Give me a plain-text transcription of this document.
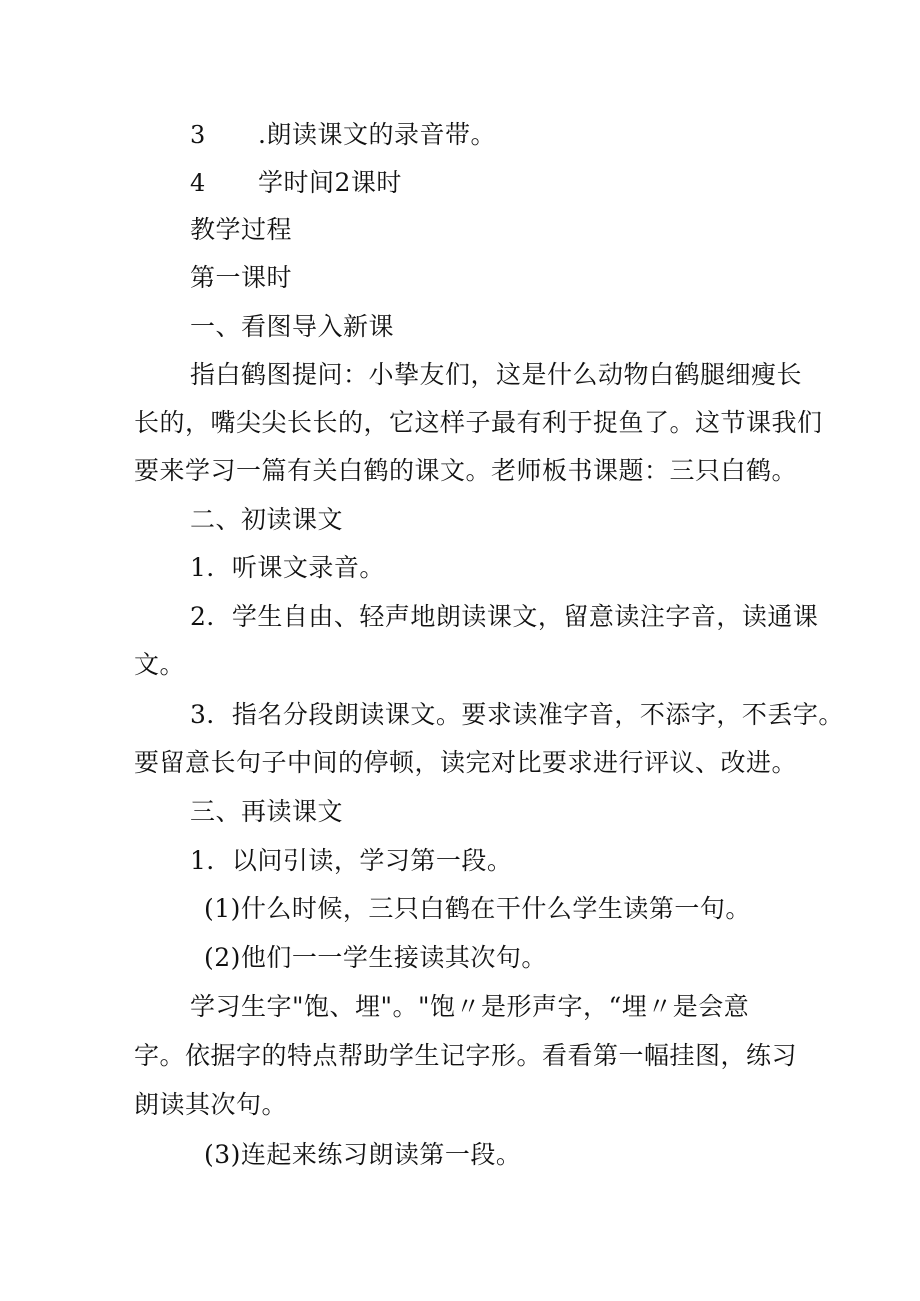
3 .朗读课文的录音带。
4 学时间2课时
教学过程
第一课时
一、看图导入新课
指白鹤图提问：小挚友们，这是什么动物白鹤腿细瘦长
长的，嘴尖尖长长的，它这样子最有利于捉鱼了。这节课我们
要来学习一篇有关白鹤的课文。老师板书课题：三只白鹤。
二、初读课文
1．听课文录音。
2．学生自由、轻声地朗读课文，留意读注字音，读通课
文。
3．指名分段朗读课文。要求读准字音，不添字，不丢字。
要留意长句子中间的停顿，读完对比要求进行评议、改进。
三、再读课文
1．以问引读，学习第一段。
(1)什么时候，三只白鹤在干什么学生读第一句。
(2)他们一一学生接读其次句。
学习生字"饱、埋"。"饱〃是形声字，“埋〃是会意
字。依据字的特点帮助学生记字形。看看第一幅挂图，练习
朗读其次句。
(3)连起来练习朗读第一段。
